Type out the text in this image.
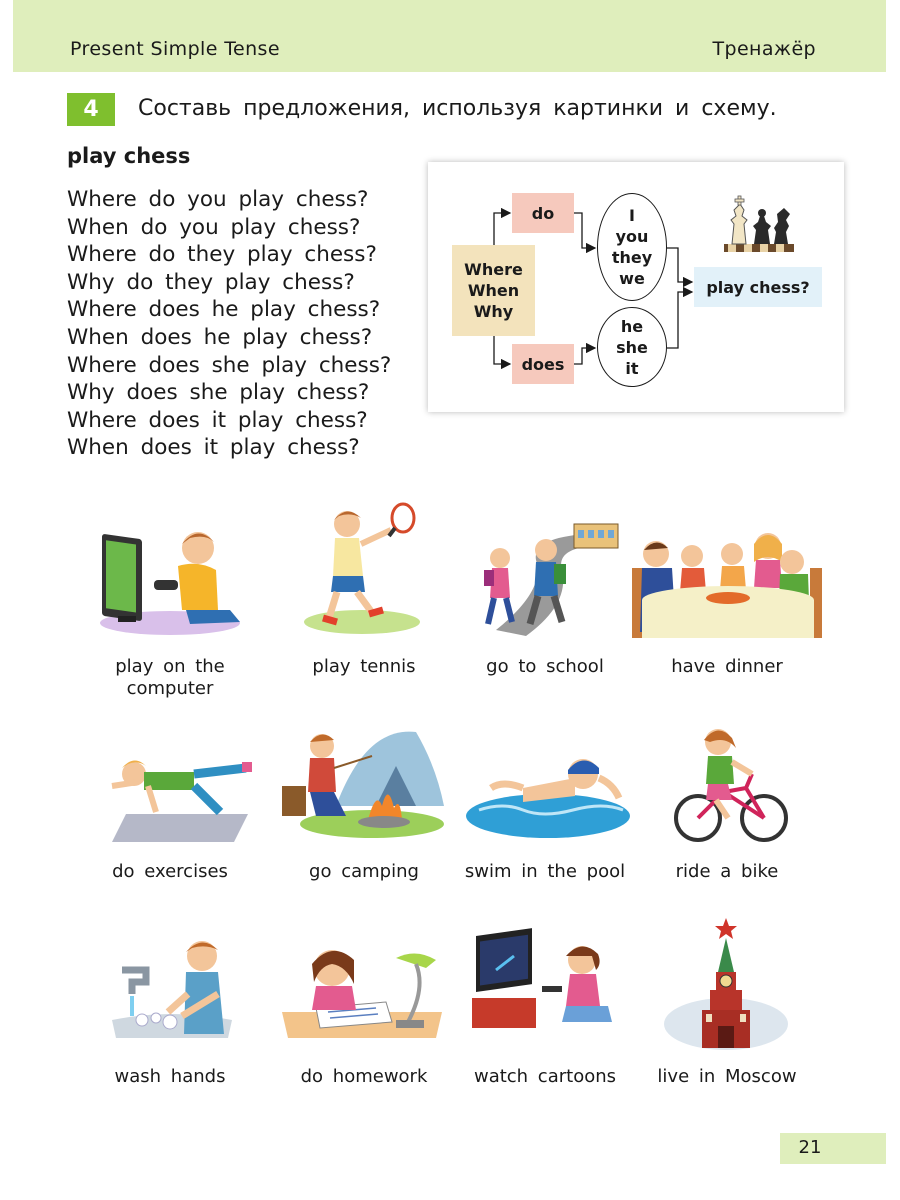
Present Simple Tense	Тренажёр
4	Составь предложения, используя картинки и схему.
play chess
Where do you play chess?
When do you play chess?
Where do they play chess?
Why do they play chess?
Where does he play chess?
When does he play chess?
Where does she play chess?
Why does she play chess?
Where does it play chess?
When does it play chess?
Where
When
Why
do
does
I
you
they
we
he
she
it
play chess?
play on the
computer
play tennis	go to school	have dinner
do exercises	go camping	swim in the pool	ride a bike
wash hands	do homework	watch cartoons	live in Moscow
21
